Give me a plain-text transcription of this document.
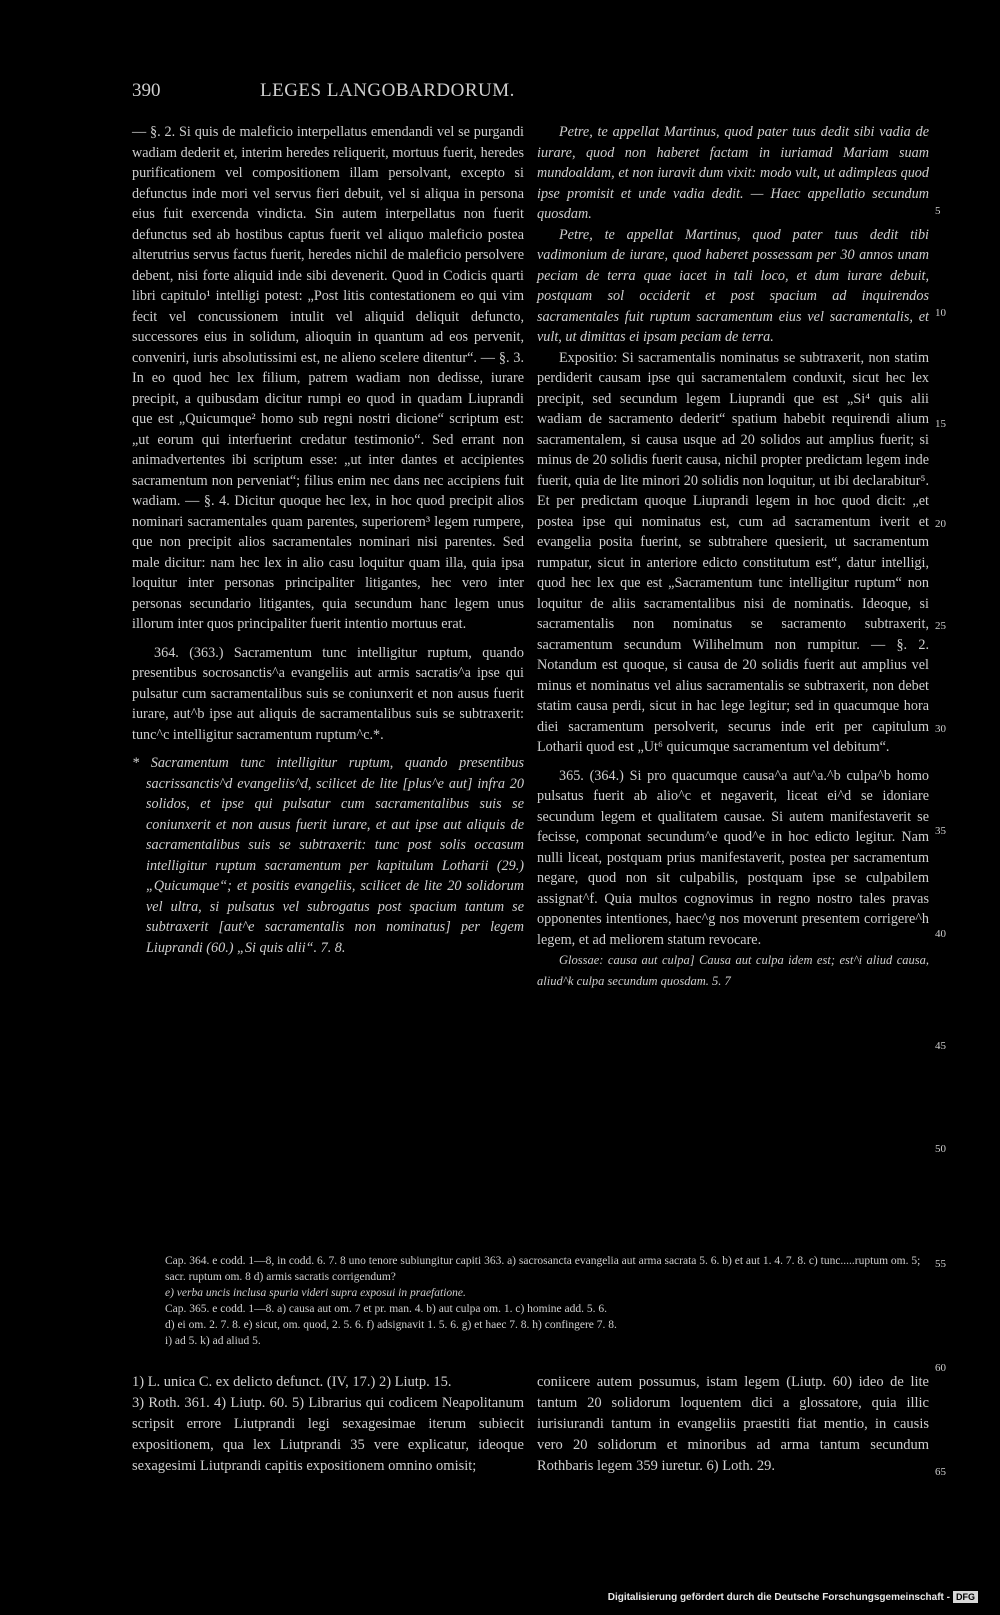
390	LEGES LANGOBARDORUM.

— §. 2. Si quis de maleficio interpellatus emendandi vel se purgandi wadiam dederit et, interim heredes reliquerit, mortuus fuerit, heredes purificationem vel compositionem illam persolvant, excepto si defunctus inde mori vel servus fieri debuit, vel si aliqua in persona eius fuit exercenda vindicta. Sin autem interpellatus non fuerit defunctus sed ab hostibus captus fuerit vel aliquo maleficio postea alterutrius servus factus fuerit, heredes nichil de maleficio persolvere debent, nisi forte aliquid inde sibi devenerit. Quod in Codicis quarti libri capitulo¹ intelligi potest: „Post litis contestationem eo qui vim fecit vel concussionem intulit vel aliquid deliquit defuncto, successores eius in solidum, alioquin in quantum ad eos pervenit, conveniri, iuris absolutissimi est, ne alieno scelere ditentur“. — §. 3. In eo quod hec lex filium, patrem wadiam non dedisse, iurare precipit, a quibusdam dicitur rumpi eo quod in quadam Liuprandi que est „Quicumque² homo sub regni nostri dicione“ scriptum est: „ut eorum qui interfuerint credatur testimonio“. Sed errant non animadvertentes ibi scriptum esse: „ut inter dantes et accipientes sacramentum non perveniat“; filius enim nec dans nec accipiens fuit wadiam. — §. 4. Dicitur quoque hec lex, in hoc quod precipit alios nominari sacramentales quam parentes, superiorem³ legem rumpere, que non precipit alios sacramentales nominari nisi parentes. Sed male dicitur: nam hec lex in alio casu loquitur quam illa, quia ipsa loquitur inter personas principaliter litigantes, hec vero inter personas secundario litigantes, quia secundum hanc legem unus illorum inter quos principaliter fuerit intentio mortuus erat.

364. (363.) Sacramentum tunc intelligitur ruptum, quando presentibus socrosanctis^a evangeliis aut armis sacratis^a ipse qui pulsatur cum sacramentalibus suis se coniunxerit et non ausus fuerit iurare, aut^b ipse aut aliquis de sacramentalibus suis se subtraxerit: tunc^c intelligitur sacramentum ruptum^c.*.

* Sacramentum tunc intelligitur ruptum, quando presentibus sacrissanctis^d evangeliis^d, scilicet de lite [plus^e aut] infra 20 solidos, et ipse qui pulsatur cum sacramentalibus suis se coniunxerit et non ausus fuerit iurare, et aut ipse aut aliquis de sacramentalibus suis se subtraxerit: tunc post solis occasum intelligitur ruptum sacramentum per kapitulum Lotharii (29.) „Quicumque“; et positis evangeliis, scilicet de lite 20 solidorum vel ultra, si pulsatus vel subrogatus post spacium tantum se subtraxerit [aut^e sacramentalis non nominatus] per legem Liuprandi (60.) „Si quis alii“. 7. 8.

Petre, te appellat Martinus, quod pater tuus dedit sibi vadia de iurare, quod non haberet factam in iuriamad Mariam suam mundoaldam, et non iuravit dum vixit: modo vult, ut adimpleas quod ipse promisit et unde vadia dedit. — Haec appellatio secundum quosdam.

Petre, te appellat Martinus, quod pater tuus dedit tibi vadimonium de iurare, quod haberet possessam per 30 annos unam peciam de terra quae iacet in tali loco, et dum iurare debuit, postquam sol occiderit et post spacium ad inquirendos sacramentales fuit ruptum sacramentum eius vel sacramentalis, et vult, ut dimittas ei ipsam peciam de terra.

Expositio: Si sacramentalis nominatus se subtraxerit, non statim perdiderit causam ipse qui sacramentalem conduxit, sicut hec lex precipit, sed secundum legem Liuprandi que est „Si⁴ quis alii wadiam de sacramento dederit“ spatium habebit requirendi alium sacramentalem, si causa usque ad 20 solidos aut amplius fuerit; si minus de 20 solidis fuerit causa, nichil propter predictam legem inde fuerit, quia de lite minori 20 solidis non loquitur, ut ibi declarabitur⁵. Et per predictam quoque Liuprandi legem in hoc quod dicit: „et postea ipse qui nominatus est, cum ad sacramentum iverit et evangelia posita fuerint, se subtrahere quesierit, ut sacramentum rumpatur, sicut in anteriore edicto constitutum est“, datur intelligi, quod hec lex que est „Sacramentum tunc intelligitur ruptum“ non loquitur de aliis sacramentalibus nisi de nominatis. Ideoque, si sacramentalis non nominatus se sacramento subtraxerit, sacramentum secundum Wilihelmum non rumpitur. — §. 2. Notandum est quoque, si causa de 20 solidis fuerit aut amplius vel minus et nominatus vel alius sacramentalis se subtraxerit, non debet statim causa perdi, sicut in hac lege legitur; sed in quacumque hora diei sacramentum persolverit, securus inde erit per capitulum Lotharii quod est „Ut⁶ quicumque sacramentum vel debitum“.

365. (364.) Si pro quacumque causa^a aut^a.^b culpa^b homo pulsatus fuerit ab alio^c et negaverit, liceat ei^d se idoniare secundum legem et qualitatem causae. Si autem manifestaverit se fecisse, componat secundum^e quod^e in hoc edicto legitur. Nam nulli liceat, postquam prius manifestaverit, postea per sacramentum negare, quod non sit culpabilis, postquam ipse se culpabilem assignat^f. Quia multos cognovimus in regno nostro tales pravas opponentes intentiones, haec^g nos moverunt presentem corrigere^h legem, et ad meliorem statum revocare.

Glossae: causa aut culpa] Causa aut culpa idem est; est^i aliud causa, aliud^k culpa secundum quosdam. 5. 7

5
10
15
20
25
30
35
40
45
50
55
60
65

Cap. 364. e codd. 1—8, in codd. 6. 7. 8 uno tenore subiungitur capiti 363. a) sacrosancta evangelia aut arma sacrata 5. 6. b) et aut 1. 4. 7. 8. c) tunc.....ruptum om. 5; sacr. ruptum om. 8 d) armis sacratis corrigendum?

e) verba uncis inclusa spuria videri supra exposui in praefatione.

Cap. 365. e codd. 1—8. a) causa aut om. 7 et pr. man. 4. b) aut culpa om. 1. c) homine add. 5. 6.

d) ei om. 2. 7. 8. e) sicut, om. quod, 2. 5. 6. f) adsignavit 1. 5. 6. g) et haec 7. 8. h) confingere 7. 8.

i) ad 5. k) ad aliud 5.

1) L. unica C. ex delicto defunct. (IV, 17.) 2) Liutp. 15.

3) Roth. 361. 4) Liutp. 60. 5) Librarius qui codicem Neapolitanum scripsit errore Liutprandi legi sexagesimae iterum subiecit expositionem, qua lex Liutprandi 35 vere explicatur, ideoque sexagesimi Liutprandi capitis expositionem omnino omisit;

coniicere autem possumus, istam legem (Liutp. 60) ideo de lite tantum 20 solidorum loquentem dici a glossatore, quia illic iurisiurandi tantum in evangeliis praestiti fiat mentio, in causis vero 20 solidorum et minoribus ad arma tantum secundum Rothbaris legem 359 iuretur. 6) Loth. 29.

Digitalisierung gefördert durch die Deutsche Forschungsgemeinschaft - DFG
